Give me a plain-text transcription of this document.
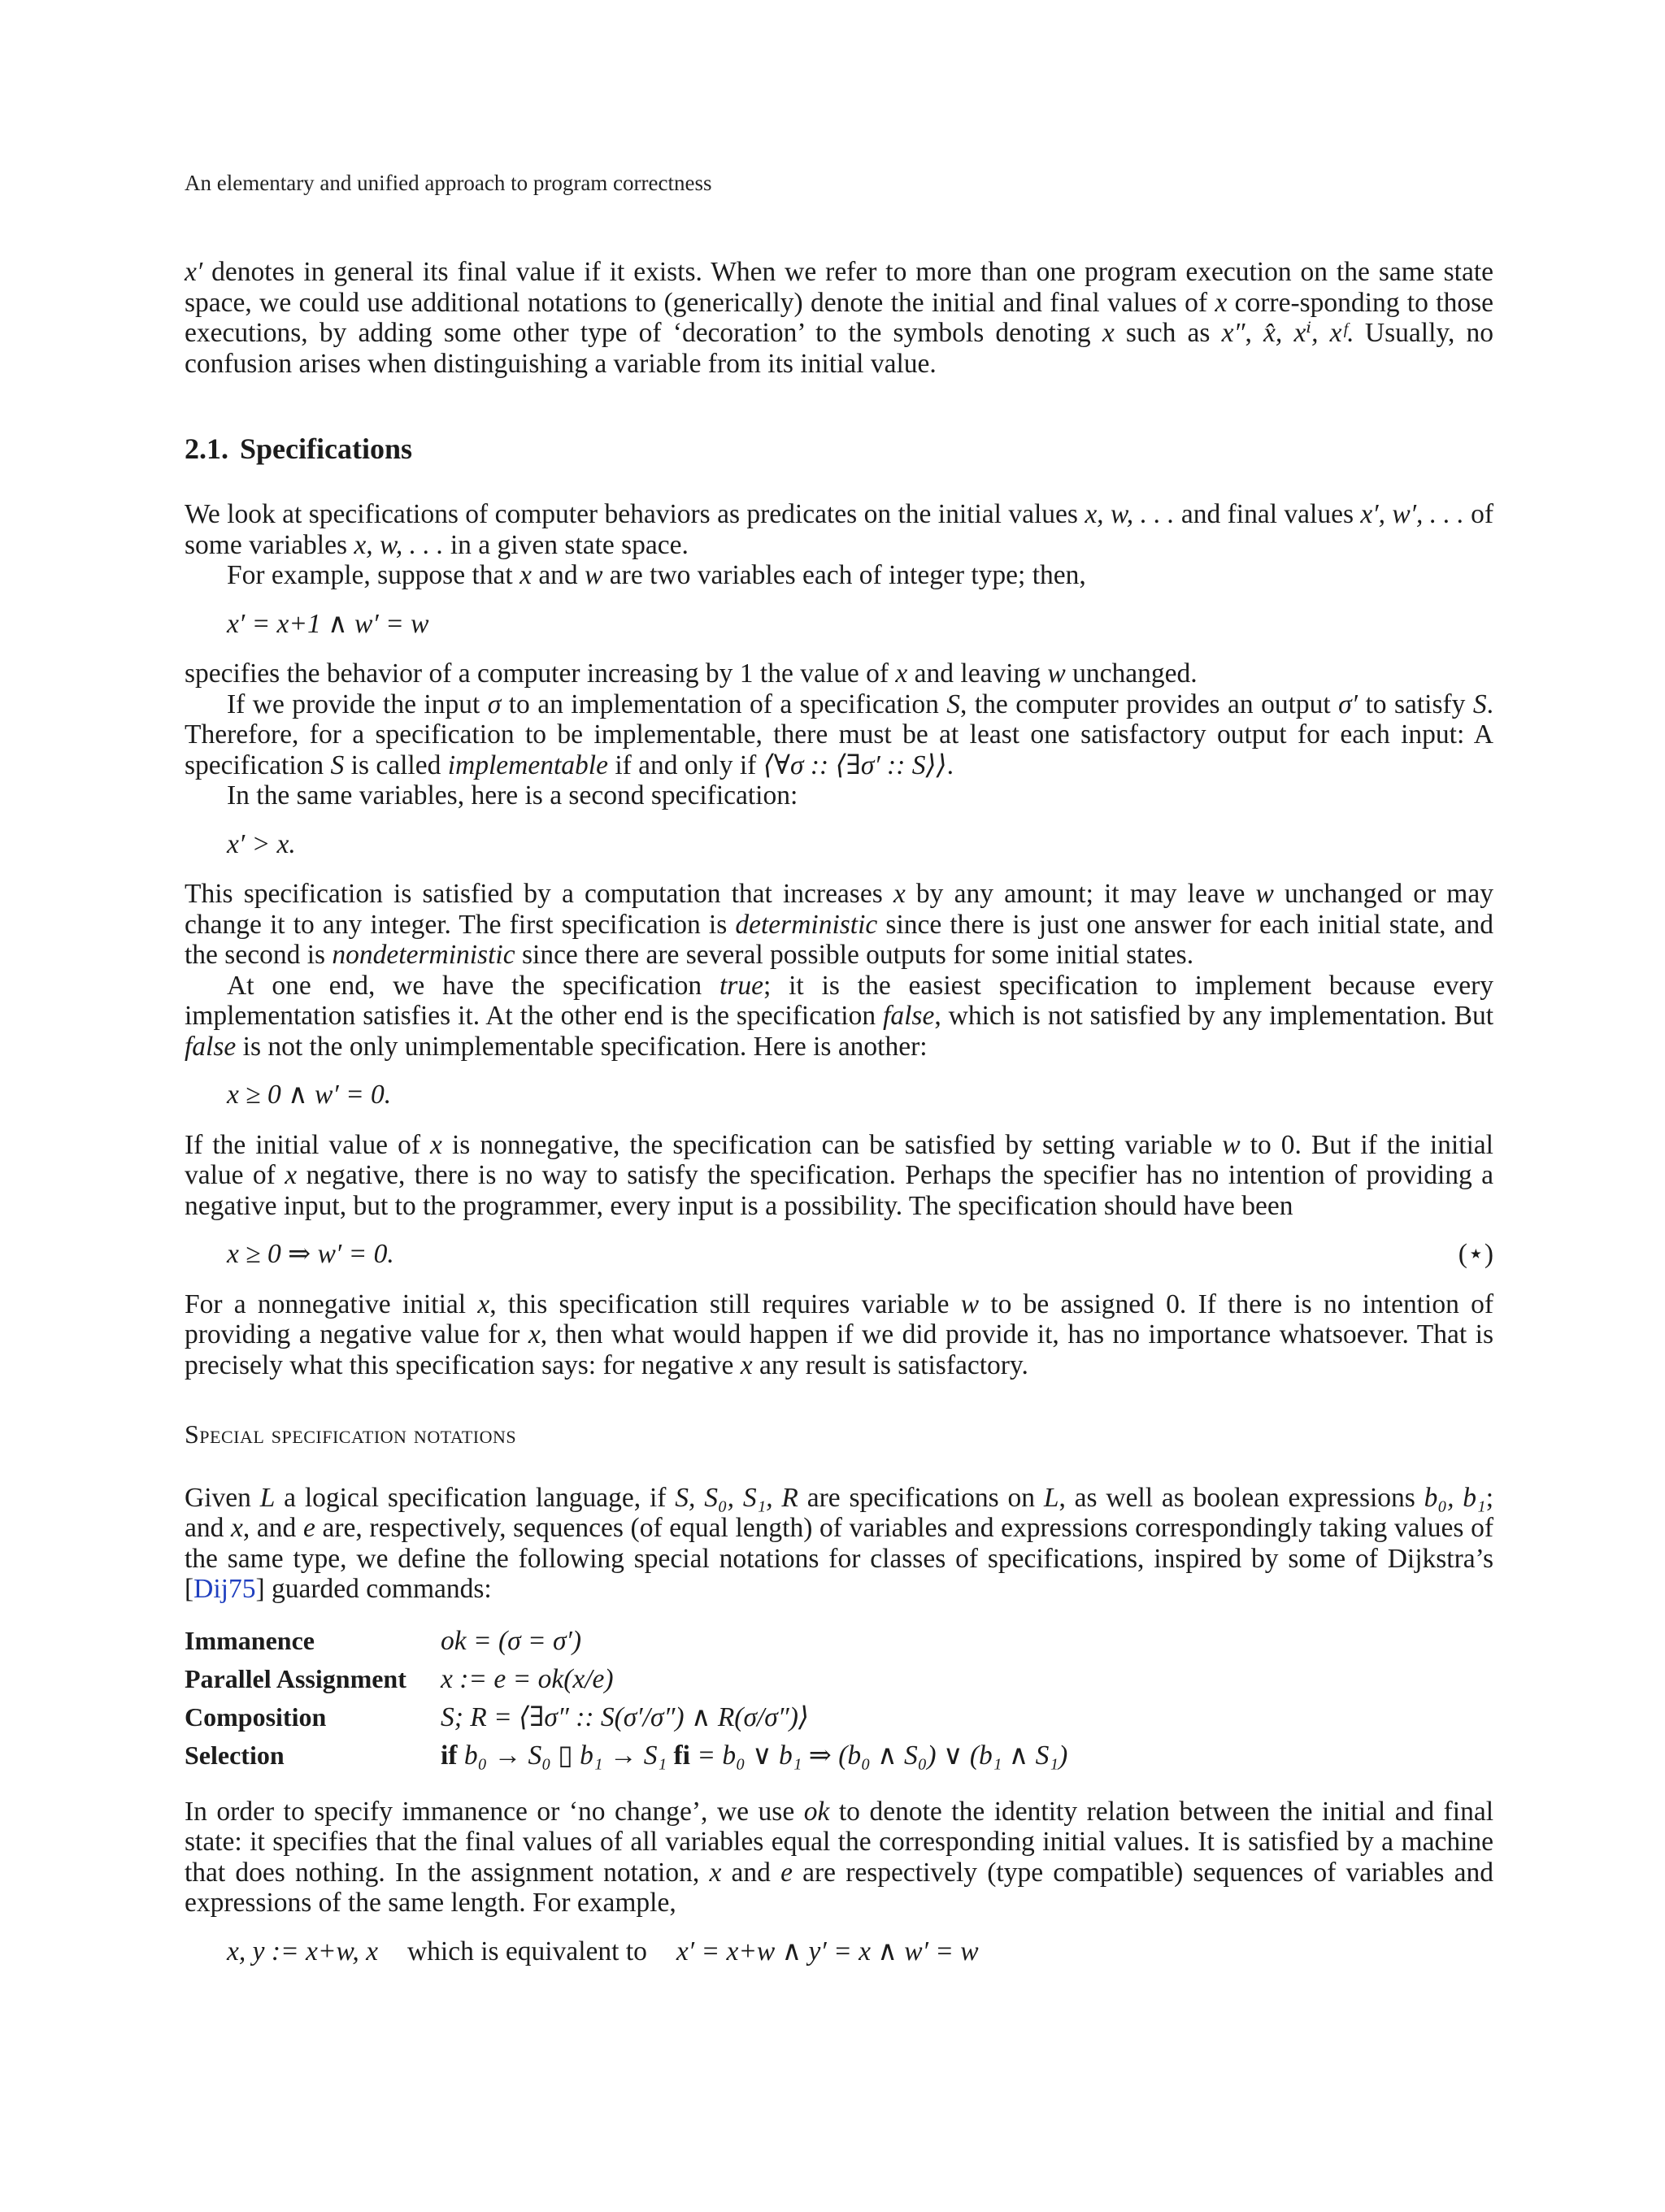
An elementary and unified approach to program correctness

x′ denotes in general its final value if it exists. When we refer to more than one program execution on the same state space, we could use additional notations to (generically) denote the initial and final values of x corre-sponding to those executions, by adding some other type of ‘decoration’ to the symbols denoting x such as x″, x̂, xⁱ, xᶠ. Usually, no confusion arises when distinguishing a variable from its initial value.

2.1. Specifications

We look at specifications of computer behaviors as predicates on the initial values x, w, . . . and final values x′, w′, . . . of some variables x, w, . . . in a given state space.

For example, suppose that x and w are two variables each of integer type; then,

x′ = x+1 ∧ w′ = w

specifies the behavior of a computer increasing by 1 the value of x and leaving w unchanged.

If we provide the input σ to an implementation of a specification S, the computer provides an output σ′ to satisfy S. Therefore, for a specification to be implementable, there must be at least one satisfactory output for each input: A specification S is called implementable if and only if ⟨∀σ :: ⟨∃σ′ :: S⟩⟩.

In the same variables, here is a second specification:

x′ > x.

This specification is satisfied by a computation that increases x by any amount; it may leave w unchanged or may change it to any integer. The first specification is deterministic since there is just one answer for each initial state, and the second is nondeterministic since there are several possible outputs for some initial states.

At one end, we have the specification true; it is the easiest specification to implement because every implementation satisfies it. At the other end is the specification false, which is not satisfied by any implementation. But false is not the only unimplementable specification. Here is another:

x ≥ 0 ∧ w′ = 0.

If the initial value of x is nonnegative, the specification can be satisfied by setting variable w to 0. But if the initial value of x negative, there is no way to satisfy the specification. Perhaps the specifier has no intention of providing a negative input, but to the programmer, every input is a possibility. The specification should have been

x ≥ 0 ⇒ w′ = 0.	(⋆)

For a nonnegative initial x, this specification still requires variable w to be assigned 0. If there is no intention of providing a negative value for x, then what would happen if we did provide it, has no importance whatsoever. That is precisely what this specification says: for negative x any result is satisfactory.

Special specification notations

Given L a logical specification language, if S, S₀, S₁, R are specifications on L, as well as boolean expressions b₀, b₁; and x, and e are, respectively, sequences (of equal length) of variables and expressions correspondingly taking values of the same type, we define the following special notations for classes of specifications, inspired by some of Dijkstra’s [Dij75] guarded commands:

Immanence	ok = (σ = σ′)
Parallel Assignment	x := e = ok(x/e)
Composition	S; R = ⟨∃σ″ :: S(σ′/σ″) ∧ R(σ/σ″)⟩
Selection	if b₀ → S₀ ▯ b₁ → S₁ fi = b₀ ∨ b₁ ⇒ (b₀ ∧ S₀) ∨ (b₁ ∧ S₁)

In order to specify immanence or ‘no change’, we use ok to denote the identity relation between the initial and final state: it specifies that the final values of all variables equal the corresponding initial values. It is satisfied by a machine that does nothing. In the assignment notation, x and e are respectively (type compatible) sequences of variables and expressions of the same length. For example,

x, y := x+w, x which is equivalent to x′ = x+w ∧ y′ = x ∧ w′ = w
